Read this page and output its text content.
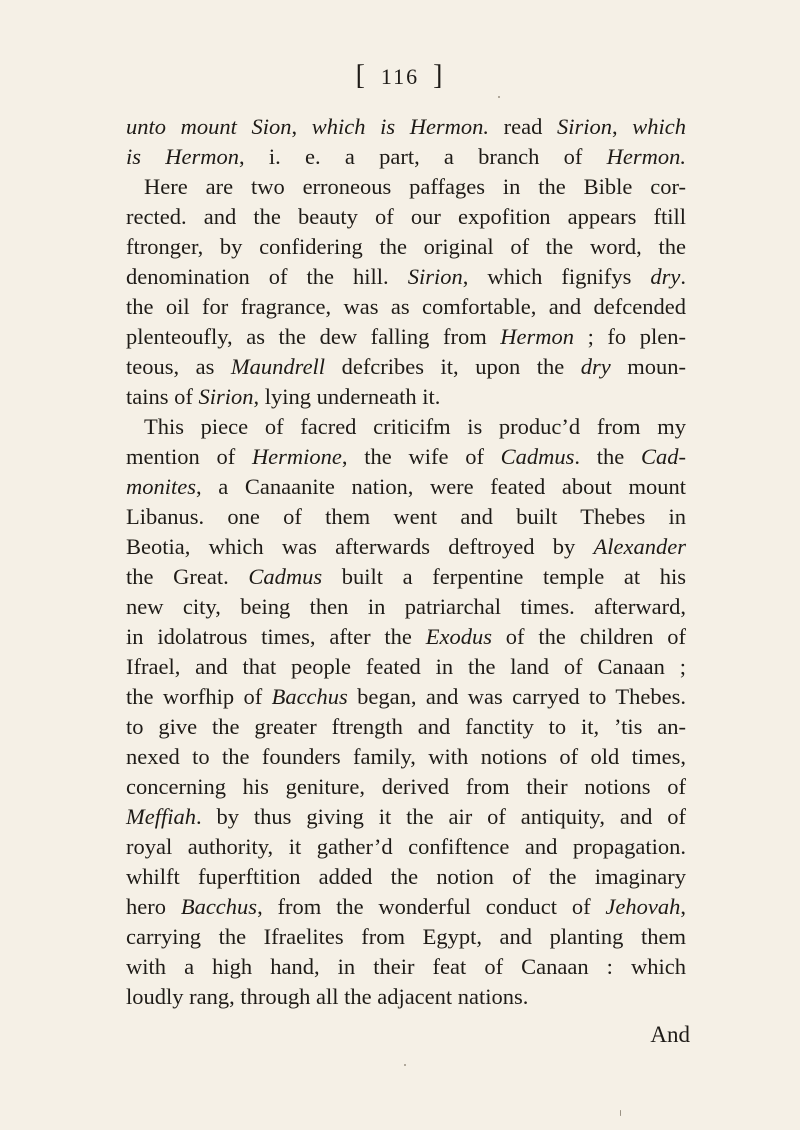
[ 116 ]
unto mount Sion, which is Hermon. read Sirion, which
is Hermon, i. e. a part, a branch of Hermon.
Here are two erroneous paffages in the Bible cor-
rected. and the beauty of our expofition appears ftill
ftronger, by confidering the original of the word, the
denomination of the hill. Sirion, which fignifys dry.
the oil for fragrance, was as comfortable, and defcended
plenteoufly, as the dew falling from Hermon ; fo plen-
teous, as Maundrell defcribes it, upon the dry moun-
tains of Sirion, lying underneath it.
This piece of facred criticifm is produc’d from my
mention of Hermione, the wife of Cadmus. the Cad-
monites, a Canaanite nation, were feated about mount
Libanus. one of them went and built Thebes in
Beotia, which was afterwards deftroyed by Alexander
the Great. Cadmus built a ferpentine temple at his
new city, being then in patriarchal times. afterward,
in idolatrous times, after the Exodus of the children of
Ifrael, and that people feated in the land of Canaan ;
the worfhip of Bacchus began, and was carryed to Thebes.
to give the greater ftrength and fanctity to it, ’tis an-
nexed to the founders family, with notions of old times,
concerning his geniture, derived from their notions of
Meffiah. by thus giving it the air of antiquity, and of
royal authority, it gather’d confiftence and propagation.
whilft fuperftition added the notion of the imaginary
hero Bacchus, from the wonderful conduct of Jehovah,
carrying the Ifraelites from Egypt, and planting them
with a high hand, in their feat of Canaan : which
loudly rang, through all the adjacent nations.
And
